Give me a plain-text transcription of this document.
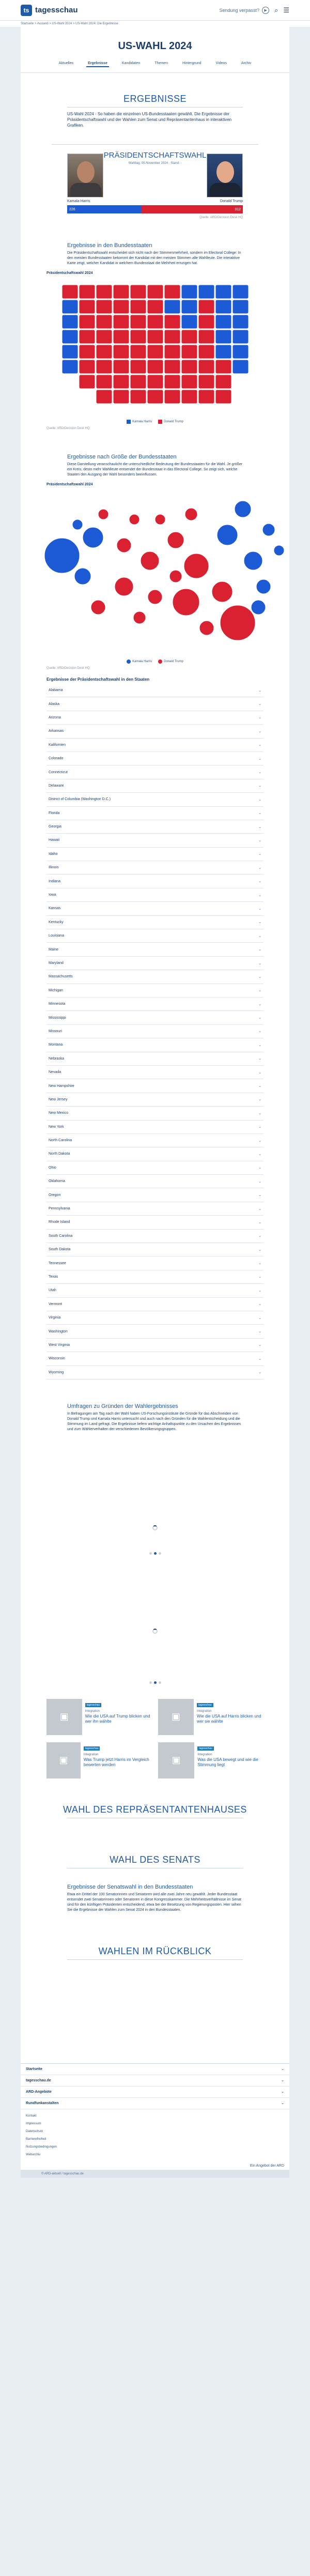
ts tagesschau	Sendung verpasst?	▶	⌕ ☰
Startseite > Ausland > US-Wahl 2024 > US-Wahl 2024: Die Ergebnisse
US-WAHL 2024
Aktuelles	Ergebnisse	Kandidaten	Themen	Hintergrund	Videos	Archiv
ERGEBNISSE

US-Wahl 2024 - So haben die einzelnen US-Bundesstaaten gewählt. Die Ergebnisse der Präsidentschaftswahl und der Wahlen zum Senat und Repräsentantenhaus in interaktiven Grafiken.

PRÄSIDENTSCHAFTSWAHL
Wahltag: 05.November 2024 · Stand: -
Kamala Harris	Donald Trump
226	312
Quelle: ARD/Decision Desk HQ
Ergebnisse in den Bundesstaaten

Die Präsidentschaftswahl entscheidet sich nicht nach der Stimmenmehrheit, sondern im Electoral College: In den meisten Bundesstaaten bekommt der Kandidat mit den meisten Stimmen alle Wahlleute. Die interaktive Karte zeigt, welcher Kandidat in welchem Bundesstaat die Mehrheit errungen hat.

Präsidentschaftswahl 2024
Kamala Harris	Donald Trump
Quelle: ARD/Decision Desk HQ
Ergebnisse nach Größe der Bundesstaaten

Diese Darstellung veranschaulicht die unterschiedliche Bedeutung der Bundesstaaten für die Wahl. Je größer ein Kreis, desto mehr Wahlleute entsendet der Bundesstaat in das Electoral College. So zeigt sich, welche Staaten den Ausgang der Wahl besonders beeinflussen.

Präsidentschaftswahl 2024
Kamala Harris	Donald Trump
Quelle: ARD/Decision Desk HQ
Ergebnisse der Präsidentschaftswahl in den Staaten
Alabama	⌄
Alaska	⌄
Arizona	⌄
Arkansas	⌄
Kalifornien	⌄
Colorado	⌄
Connecticut	⌄
Delaware	⌄
District of Columbia (Washington D.C.)	⌄
Florida	⌄
Georgia	⌄
Hawaii	⌄
Idaho	⌄
Illinois	⌄
Indiana	⌄
Iowa	⌄
Kansas	⌄
Kentucky	⌄
Louisiana	⌄
Maine	⌄
Maryland	⌄
Massachusetts	⌄
Michigan	⌄
Minnesota	⌄
Mississippi	⌄
Missouri	⌄
Montana	⌄
Nebraska	⌄
Nevada	⌄
New Hampshire	⌄
New Jersey	⌄
New Mexico	⌄
New York	⌄
North Carolina	⌄
North Dakota	⌄
Ohio	⌄
Oklahoma	⌄
Oregon	⌄
Pennsylvania	⌄
Rhode Island	⌄
South Carolina	⌄
South Dakota	⌄
Tennessee	⌄
Texas	⌄
Utah	⌄
Vermont	⌄
Virginia	⌄
Washington	⌄
West Virginia	⌄
Wisconsin	⌄
Wyoming	⌄
Umfragen zu Gründen der Wahlergebnisses

In Befragungen am Tag nach der Wahl haben US-Forschungsinstitute die Gründe für das Abschneiden von Donald Trump und Kamala Harris untersucht und auch nach den Gründen für die Wahlentscheidung und die Stimmung im Land gefragt. Die Ergebnisse liefern wichtige Anhaltspunkte zu den Ursachen des Ergebnisses und zum Wählerverhalten der verschiedenen Bevölkerungsgruppen.

▣
tagesschau
Integration
Wie die USA auf Trump blicken und wer ihn wählte	▣
tagesschau
Integration
Wie die USA auf Harris blicken und wer sie wählte
▣
tagesschau
Integration
Was Trump jetzt Harris im Vergleich bewerten werden	▣
tagesschau
Integration
Was die USA bewegt und wie die Stimmung liegt
WAHL DES REPRÄSENTANTENHAUSES
WAHL DES SENATS
Ergebnisse der Senatswahl in den Bundesstaaten

Etwa ein Drittel der 100 Senatorinnen und Senatoren wird alle zwei Jahre neu gewählt. Jeder Bundesstaat entsendet zwei Senatorinnen oder Senatoren in diese Kongresskammer. Die Mehrheitsverhältnisse im Senat sind für den künftigen Präsidenten entscheidend, etwa bei der Besetzung von Regierungsposten. Hier sehen Sie die Ergebnisse der Wahlen zum Senat 2024 in den Bundesstaaten.

WAHLEN IM RÜCKBLICK
Startseite	⌄
tagesschau.de	⌄
ARD-Angebote	⌄
Rundfunkanstalten	⌄
Kontakt
Impressum
Datenschutz
Barrierefreiheit
Nutzungsbedingungen
Webarchiv
Ein Angebot der ARD
© ARD-aktuell / tagesschau.de
